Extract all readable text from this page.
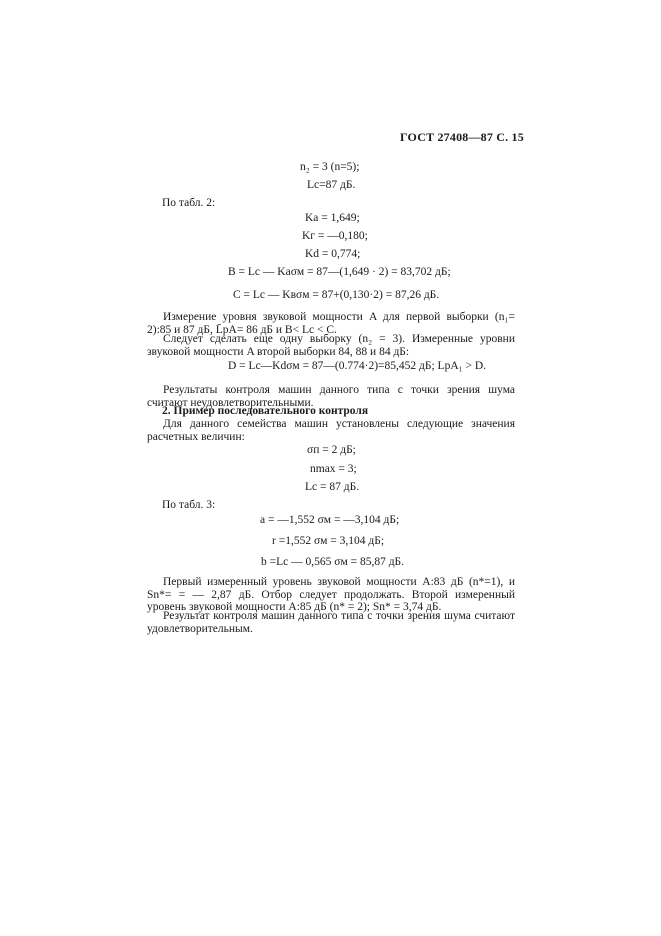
ГОСТ 27408—87 С. 15
n₂ = 3 (n=5);
Lс=87 дБ.
По табл. 2:
Kа = 1,649;
Kг = —0,180;
Kd = 0,774;
B = Lс — Kаσм = 87—(1,649 · 2) = 83,702 дБ;
C = Lс — Kвσм = 87+(0,130·2) = 87,26 дБ.
Измерение уровня звуковой мощности A для первой выборки (n₁= 2):85 и 87 дБ, L̄pA= 86 дБ и B< Lс < C.
Следует сделать еще одну выборку (n₂ = 3). Измеренные уровни звуковой мощности A второй выборки 84, 88 и 84 дБ:
D = Lс—Kdσм = 87—(0.774·2)=85,452 дБ; LpA₁ > D.
Результаты контроля машин данного типа с точки зрения шума считают неудовлетворительными.
2. Пример последовательного контроля
Для данного семейства машин установлены следующие значения расчетных величин:
σп = 2 дБ;
nmax = 3;
Lс = 87 дБ.
По табл. 3:
a = —1,552 σм = —3,104 дБ;
r =1,552 σм = 3,104 дБ;
b =Lс — 0,565 σм = 85,87 дБ.
Первый измеренный уровень звуковой мощности A:83 дБ (n*=1), и Sn*= = — 2,87 дБ. Отбор следует продолжать. Второй измеренный уровень звуковой мощности A:85 дБ (n* = 2); Sn* = 3,74 дБ.
Результат контроля машин данного типа с точки зрения шума считают удовлетворительным.
